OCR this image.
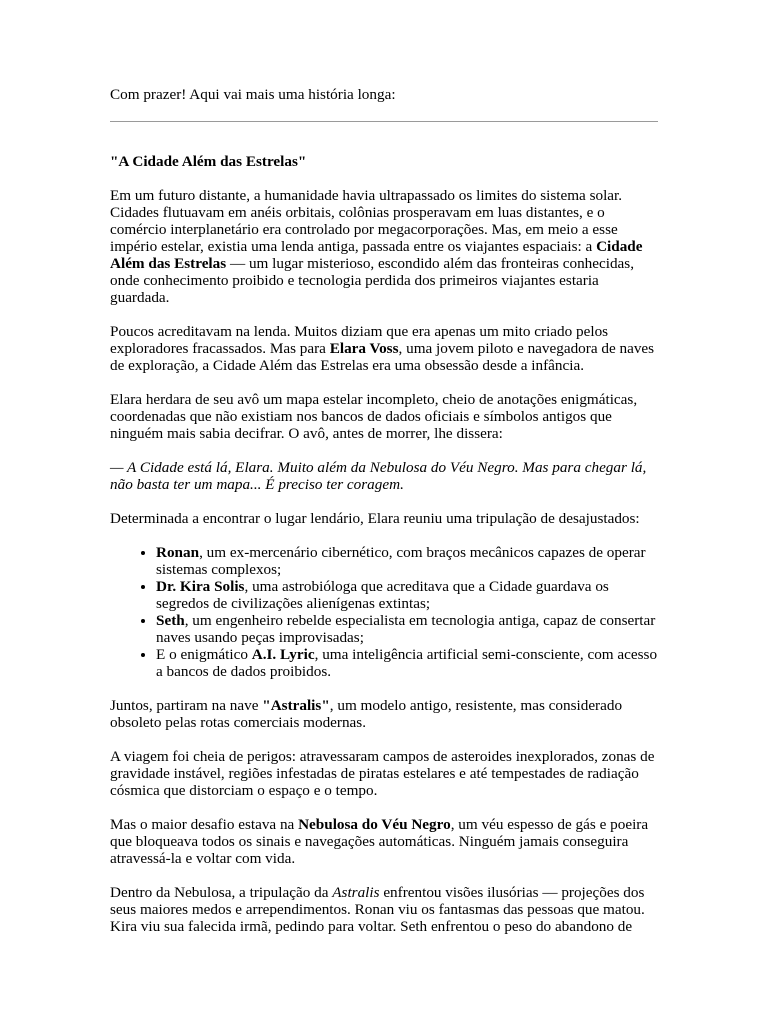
Com prazer! Aqui vai mais uma história longa:

"A Cidade Além das Estrelas"

Em um futuro distante, a humanidade havia ultrapassado os limites do sistema solar. Cidades flutuavam em anéis orbitais, colônias prosperavam em luas distantes, e o comércio interplanetário era controlado por megacorporações. Mas, em meio a esse império estelar, existia uma lenda antiga, passada entre os viajantes espaciais: a Cidade Além das Estrelas — um lugar misterioso, escondido além das fronteiras conhecidas, onde conhecimento proibido e tecnologia perdida dos primeiros viajantes estaria guardada.

Poucos acreditavam na lenda. Muitos diziam que era apenas um mito criado pelos exploradores fracassados. Mas para Elara Voss, uma jovem piloto e navegadora de naves de exploração, a Cidade Além das Estrelas era uma obsessão desde a infância.

Elara herdara de seu avô um mapa estelar incompleto, cheio de anotações enigmáticas, coordenadas que não existiam nos bancos de dados oficiais e símbolos antigos que ninguém mais sabia decifrar. O avô, antes de morrer, lhe dissera:

— A Cidade está lá, Elara. Muito além da Nebulosa do Véu Negro. Mas para chegar lá, não basta ter um mapa... É preciso ter coragem.

Determinada a encontrar o lugar lendário, Elara reuniu uma tripulação de desajustados:

• Ronan, um ex-mercenário cibernético, com braços mecânicos capazes de operar sistemas complexos;
• Dr. Kira Solis, uma astrobióloga que acreditava que a Cidade guardava os segredos de civilizações alienígenas extintas;
• Seth, um engenheiro rebelde especialista em tecnologia antiga, capaz de consertar naves usando peças improvisadas;
• E o enigmático A.I. Lyric, uma inteligência artificial semi-consciente, com acesso a bancos de dados proibidos.

Juntos, partiram na nave "Astralis", um modelo antigo, resistente, mas considerado obsoleto pelas rotas comerciais modernas.

A viagem foi cheia de perigos: atravessaram campos de asteroides inexplorados, zonas de gravidade instável, regiões infestadas de piratas estelares e até tempestades de radiação cósmica que distorciam o espaço e o tempo.

Mas o maior desafio estava na Nebulosa do Véu Negro, um véu espesso de gás e poeira que bloqueava todos os sinais e navegações automáticas. Ninguém jamais conseguira atravessá-la e voltar com vida.

Dentro da Nebulosa, a tripulação da Astralis enfrentou visões ilusórias — projeções dos seus maiores medos e arrependimentos. Ronan viu os fantasmas das pessoas que matou. Kira viu sua falecida irmã, pedindo para voltar. Seth enfrentou o peso do abandono de
